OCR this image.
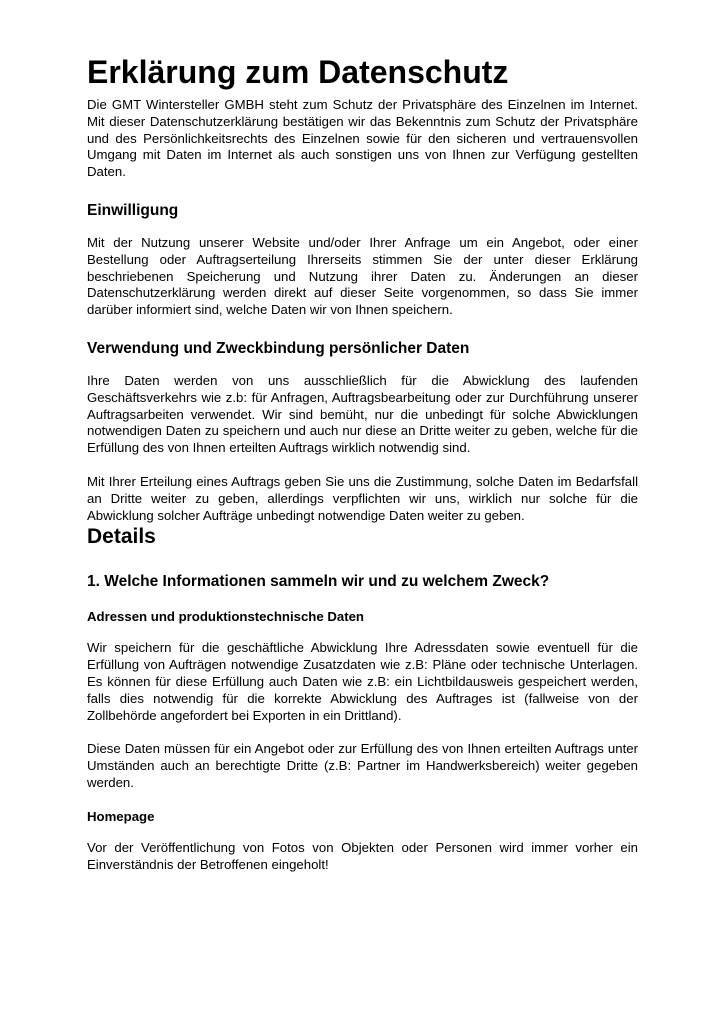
Erklärung zum Datenschutz

Die GMT Wintersteller GMBH steht zum Schutz der Privatsphäre des Einzelnen im Internet. Mit dieser Datenschutzerklärung bestätigen wir das Bekenntnis zum Schutz der Privatsphäre und des Persönlichkeitsrechts des Einzelnen sowie für den sicheren und vertrauensvollen Umgang mit Daten im Internet als auch sonstigen uns von Ihnen zur Verfügung gestellten Daten.

Einwilligung

Mit der Nutzung unserer Website und/oder Ihrer Anfrage um ein Angebot, oder einer Bestellung oder Auftragserteilung Ihrerseits stimmen Sie der unter dieser Erklärung beschriebenen Speicherung und Nutzung ihrer Daten zu. Änderungen an dieser Datenschutzerklärung werden direkt auf dieser Seite vorgenommen, so dass Sie immer darüber informiert sind, welche Daten wir von Ihnen speichern.

Verwendung und Zweckbindung persönlicher Daten

Ihre Daten werden von uns ausschließlich für die Abwicklung des laufenden Geschäftsverkehrs wie z.b: für Anfragen, Auftragsbearbeitung oder zur Durchführung unserer Auftragsarbeiten verwendet. Wir sind bemüht, nur die unbedingt für solche Abwicklungen notwendigen Daten zu speichern und auch nur diese an Dritte weiter zu geben, welche für die Erfüllung des von Ihnen erteilten Auftrags wirklich notwendig sind.

Mit Ihrer Erteilung eines Auftrags geben Sie uns die Zustimmung, solche Daten im Bedarfsfall an Dritte weiter zu geben, allerdings verpflichten wir uns, wirklich nur solche für die Abwicklung solcher Aufträge unbedingt notwendige Daten weiter zu geben.

Details
1. Welche Informationen sammeln wir und zu welchem Zweck?
Adressen und produktionstechnische Daten

Wir speichern für die geschäftliche Abwicklung Ihre Adressdaten sowie eventuell für die Erfüllung von Aufträgen notwendige Zusatzdaten wie z.B: Pläne oder technische Unterlagen. Es können für diese Erfüllung auch Daten wie z.B: ein Lichtbildausweis gespeichert werden, falls dies notwendig für die korrekte Abwicklung des Auftrages ist (fallweise von der Zollbehörde angefordert bei Exporten in ein Drittland).

Diese Daten müssen für ein Angebot oder zur Erfüllung des von Ihnen erteilten Auftrags unter Umständen auch an berechtigte Dritte (z.B: Partner im Handwerksbereich) weiter gegeben werden.

Homepage

Vor der Veröffentlichung von Fotos von Objekten oder Personen wird immer vorher ein Einverständnis der Betroffenen eingeholt!
